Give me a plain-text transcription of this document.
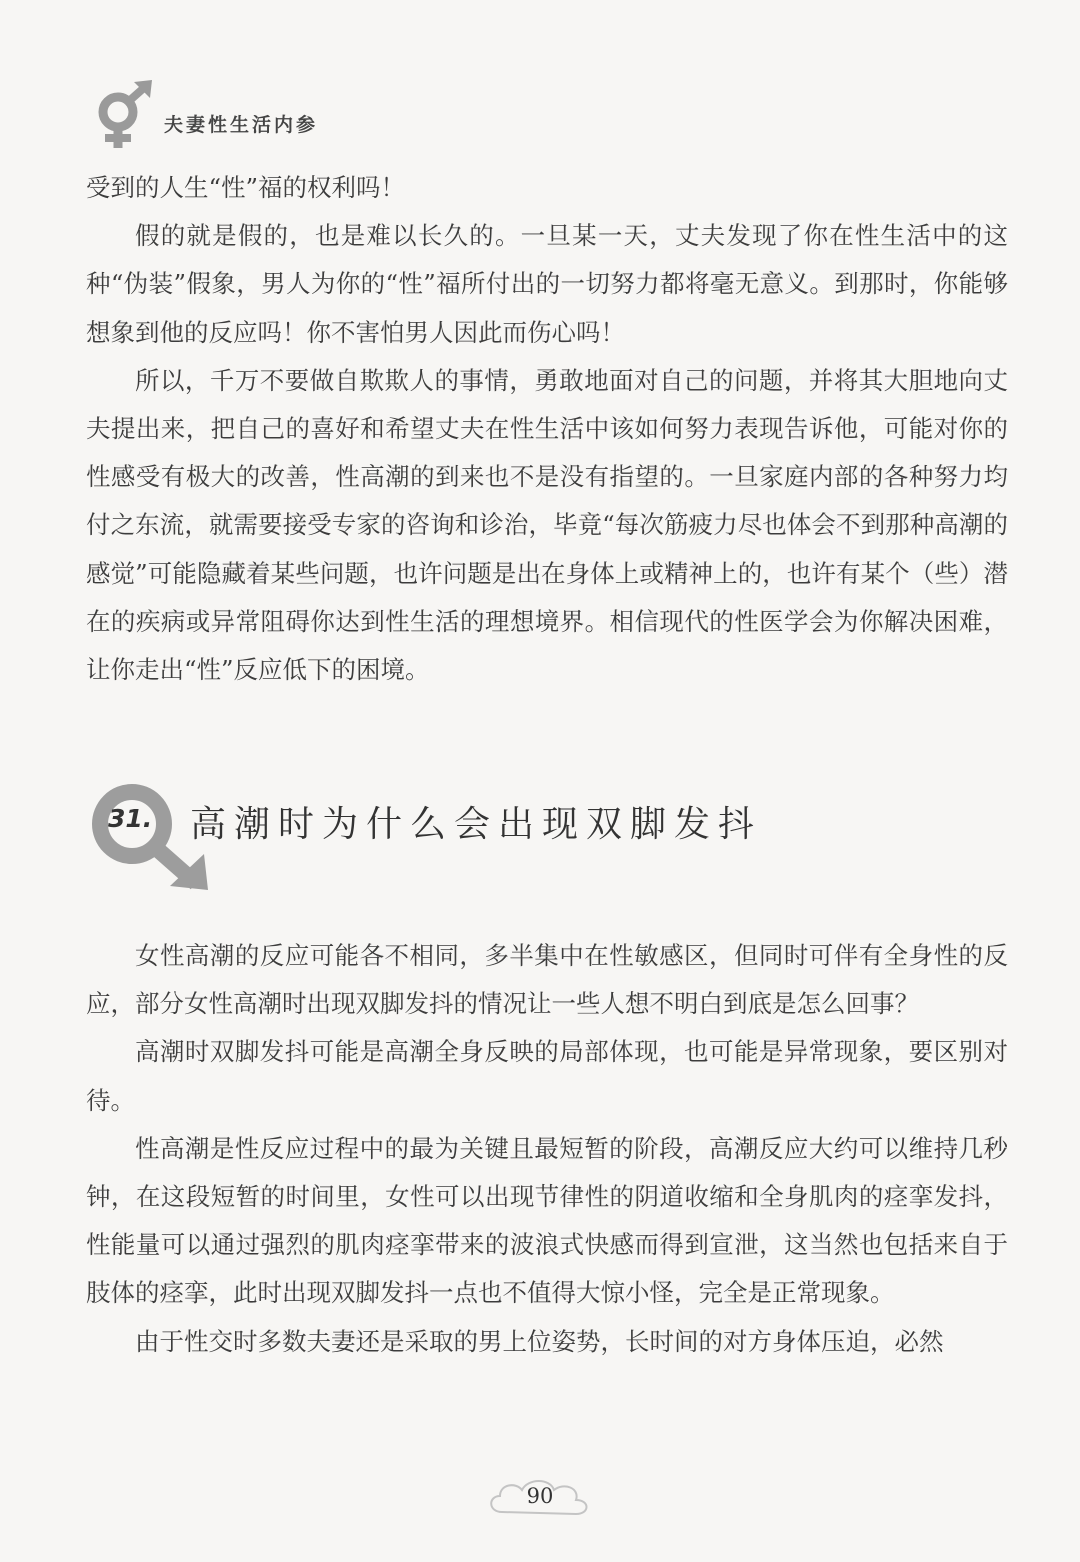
夫妻性生活内参

受到的人生“性”福的权利吗！

假的就是假的，也是难以长久的。一旦某一天，丈夫发现了你在性生活中的这种“伪装”假象，男人为你的“性”福所付出的一切努力都将毫无意义。到那时，你能够想象到他的反应吗！你不害怕男人因此而伤心吗！

所以，千万不要做自欺欺人的事情，勇敢地面对自己的问题，并将其大胆地向丈夫提出来，把自己的喜好和希望丈夫在性生活中该如何努力表现告诉他，可能对你的性感受有极大的改善，性高潮的到来也不是没有指望的。一旦家庭内部的各种努力均付之东流，就需要接受专家的咨询和诊治，毕竟“每次筋疲力尽也体会不到那种高潮的感觉”可能隐藏着某些问题，也许问题是出在身体上或精神上的，也许有某个（些）潜在的疾病或异常阻碍你达到性生活的理想境界。相信现代的性医学会为你解决困难，让你走出“性”反应低下的困境。

31. 高潮时为什么会出现双脚发抖

女性高潮的反应可能各不相同，多半集中在性敏感区，但同时可伴有全身性的反应，部分女性高潮时出现双脚发抖的情况让一些人想不明白到底是怎么回事？

高潮时双脚发抖可能是高潮全身反映的局部体现，也可能是异常现象，要区别对待。

性高潮是性反应过程中的最为关键且最短暂的阶段，高潮反应大约可以维持几秒钟，在这段短暂的时间里，女性可以出现节律性的阴道收缩和全身肌肉的痉挛发抖，性能量可以通过强烈的肌肉痉挛带来的波浪式快感而得到宣泄，这当然也包括来自于肢体的痉挛，此时出现双脚发抖一点也不值得大惊小怪，完全是正常现象。

由于性交时多数夫妻还是采取的男上位姿势，长时间的对方身体压迫，必然

90
